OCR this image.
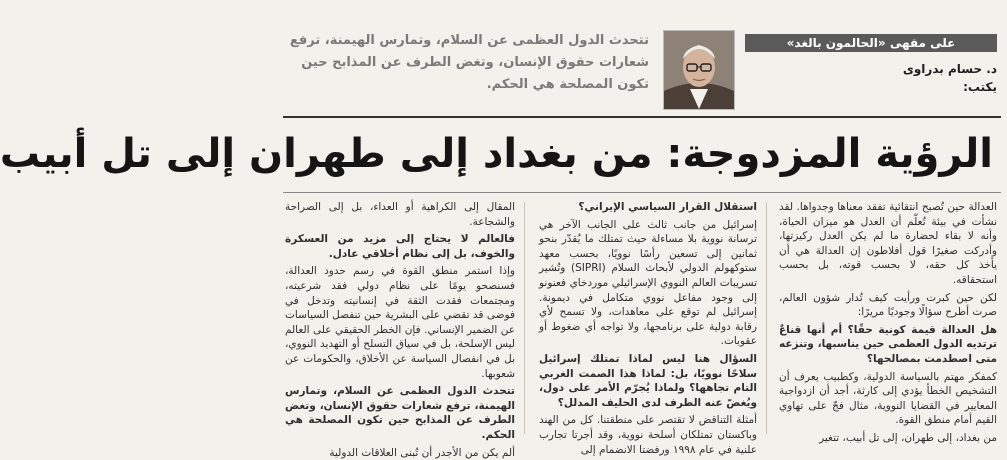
على مقهى «الحالمون بالغد»
د. حسام بدراوى
يكتب:
تتحدث الدول العظمى عن السلام، وتمارس الهيمنة، ترفع شعارات حقوق الإنسان، وتغض الطرف عن المذابح حين تكون المصلحة هي الحكم.
الرؤية المزدوجة: من بغداد إلى طهران إلى تل أبيب

العدالة حين تُصبح انتقائية تفقد معناها وجدواها. لقد نشأت في بيئة تُعلّم أن العدل هو ميزان الحياة، وأنه لا بقاء لحضارة ما لم يكن العدل ركيزتها، وأدركت صغيرًا قول أفلاطون إن العدالة هي أن يأخذ كل حقه، لا بحسب قوته، بل بحسب استحقاقه.

لكن حين كبرت ورأيت كيف تُدار شؤون العالم، صرت أطرح سؤالًا وجوديًا مريرًا:

هل العدالة قيمة كونية حقًا؟ أم أنها قناعٌ ترتديه الدول العظمى حين يناسبها، وتنزعه متى اصطدمت بمصالحها؟

كمفكر مهتم بالسياسة الدولية، وكطبيب يعرف أن التشخيص الخطأ يؤدي إلى كارثة، أجد أن ازدواجية المعايير في القضايا النووية، مثال فجّ على تهاوي القيم أمام منطق القوة.

من بغداد، إلى طهران، إلى تل أبيب، تتغير

استقلال القرار السياسي الإيراني؟

إسرائيل من جانب ثالث على الجانب الآخر هي ترسانة نووية بلا مساءلة حيث تمتلك ما يُقدّر بنحو ثمانين إلى تسعين رأسًا نوويًا، بحسب معهد ستوكهولم الدولي لأبحاث السلام (SIPRI) وتُشير تسريبات العالم النووي الإسرائيلي موردخاي فعنونو إلى وجود مفاعل نووي متكامل في ديمونة. إسرائيل لم توقع على معاهدات، ولا تسمح لأي رقابة دولية على برنامجها، ولا تواجه أي ضغوط أو عقوبات.

السؤال هنا ليس لماذا تمتلك إسرائيل سلاحًا نوويًا، بل: لماذا هذا الصمت الغربي التام تجاهها؟ ولماذا يُجرّم الأمر على دول، ويُغضّ عنه الطرف لدى الحليف المدلل؟

أمثلة التناقض لا تقتصر على منطقتنا. كل من الهند وباكستان تمتلكان أسلحة نووية، وقد أجرتا تجارب علنية في عام ١٩٩٨ ورفضتا الانضمام إلى

المقال إلى الكراهية أو العداء، بل إلى الصراحة والشجاعة.

فالعالم لا يحتاج إلى مزيد من العسكرة والخوف، بل إلى نظام أخلاقي عادل.

وإذا استمر منطق القوة في رسم حدود العدالة، فسنصحو يومًا على نظام دولي فقد شرعيته، ومجتمعات فقدت الثقة في إنسانيته وتدخل في فوضى قد تقضي على البشرية حين تنفصل السياسات عن الضمير الإنساني. فإن الخطر الحقيقي على العالم ليس الإسلحة، بل في سياق التسلح أو التهديد النووي، بل في انفصال السياسة عن الأخلاق، والحكومات عن شعوبها.

تتحدث الدول العظمى عن السلام، وتمارس الهيمنة، ترفع شعارات حقوق الإنسان، وتغض الطرف عن المذابح حين تكون المصلحة هي الحكم.

ألم يكن من الأجدر أن تُبنى العلاقات الدولية
